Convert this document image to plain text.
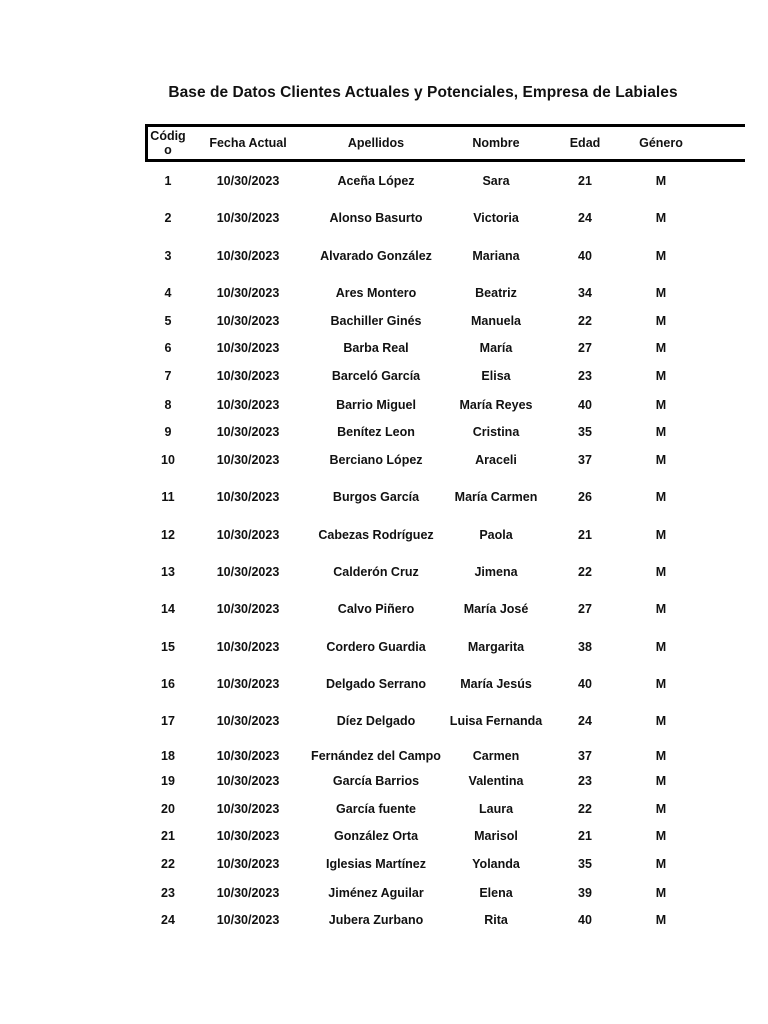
Base de Datos Clientes Actuales y Potenciales, Empresa de Labiales
Códig
o	Fecha Actual	Apellidos	Nombre	Edad	Género
1	10/30/2023	Aceña López	Sara	21	M
2	10/30/2023	Alonso Basurto	Victoria	24	M
3	10/30/2023	Alvarado González	Mariana	40	M
4	10/30/2023	Ares Montero	Beatriz	34	M
5	10/30/2023	Bachiller Ginés	Manuela	22	M
6	10/30/2023	Barba Real	María	27	M
7	10/30/2023	Barceló García	Elisa	23	M
8	10/30/2023	Barrio Miguel	María Reyes	40	M
9	10/30/2023	Benítez Leon	Cristina	35	M
10	10/30/2023	Berciano López	Araceli	37	M
11	10/30/2023	Burgos García	María Carmen	26	M
12	10/30/2023	Cabezas Rodríguez	Paola	21	M
13	10/30/2023	Calderón Cruz	Jimena	22	M
14	10/30/2023	Calvo Piñero	María José	27	M
15	10/30/2023	Cordero Guardia	Margarita	38	M
16	10/30/2023	Delgado Serrano	María Jesús	40	M
17	10/30/2023	Díez Delgado	Luisa Fernanda	24	M
18	10/30/2023	Fernández del Campo	Carmen	37	M
19	10/30/2023	García Barrios	Valentina	23	M
20	10/30/2023	García fuente	Laura	22	M
21	10/30/2023	González Orta	Marisol	21	M
22	10/30/2023	Iglesias Martínez	Yolanda	35	M
23	10/30/2023	Jiménez Aguilar	Elena	39	M
24	10/30/2023	Jubera Zurbano	Rita	40	M
